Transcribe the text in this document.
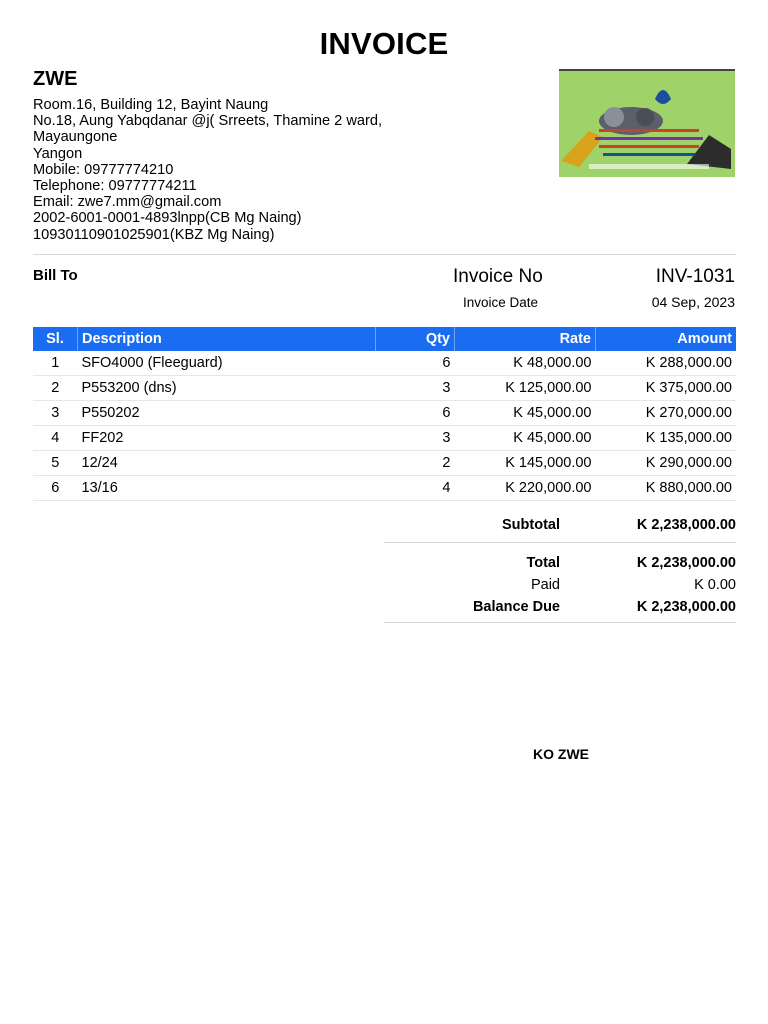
INVOICE
ZWE
Room.16, Building 12, Bayint Naung
No.18, Aung Yabqdanar @j( Srreets, Thamine 2 ward,
Mayaungone
Yangon
Mobile: 09777774210
Telephone: 09777774211
Email: zwe7.mm@gmail.com
2002-6001-0001-4893lnpp(CB Mg Naing)
10930110901025901(KBZ Mg Naing)
Bill To	Invoice No	INV-1031
Invoice Date	04 Sep, 2023
Sl.	Description	Qty	Rate	Amount
1	SFO4000 (Fleeguard)	6	K 48,000.00	K 288,000.00
2	P553200 (dns)	3	K 125,000.00	K 375,000.00
3	P550202	6	K 45,000.00	K 270,000.00
4	FF202	3	K 45,000.00	K 135,000.00
5	12/24	2	K 145,000.00	K 290,000.00
6	13/16	4	K 220,000.00	K 880,000.00
Subtotal	K 2,238,000.00
Total	K 2,238,000.00
Paid	K 0.00
Balance Due	K 2,238,000.00
KO ZWE
